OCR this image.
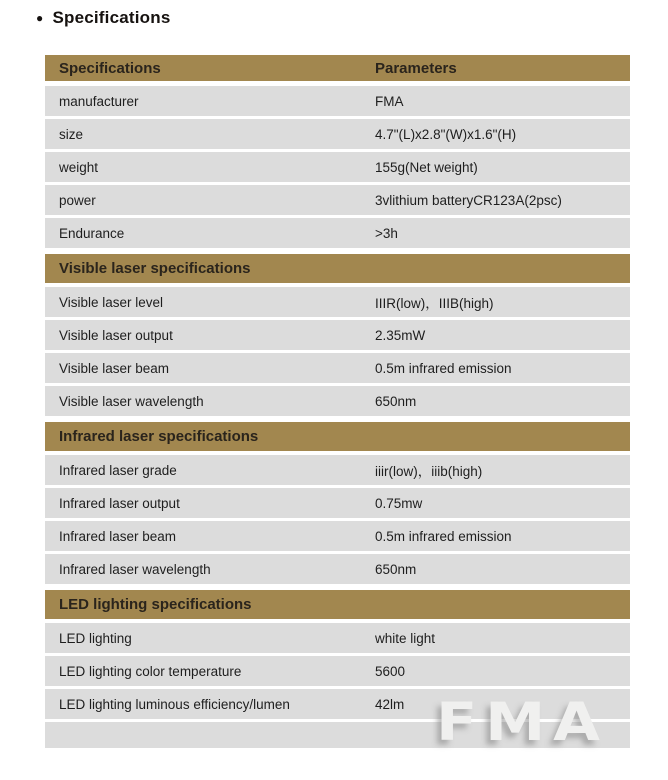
● Specifications
Specifications	Parameters
manufacturer	FMA
size	4.7"(L)x2.8"(W)x1.6"(H)
weight	155g(Net weight)
power	3vlithium batteryCR123A(2psc)
Endurance	>3h
Visible laser specifications
Visible laser level	IIIR(low)，IIIB(high)
Visible laser output	2.35mW
Visible laser beam	0.5m infrared emission
Visible laser wavelength	650nm
Infrared laser specifications
Infrared laser grade	iiir(low)，iiib(high)
Infrared laser output	0.75mw
Infrared laser beam	0.5m infrared emission
Infrared laser wavelength	650nm
LED lighting specifications
LED lighting	white light
LED lighting color temperature	5600
LED lighting luminous efficiency/lumen	42lm FMA
